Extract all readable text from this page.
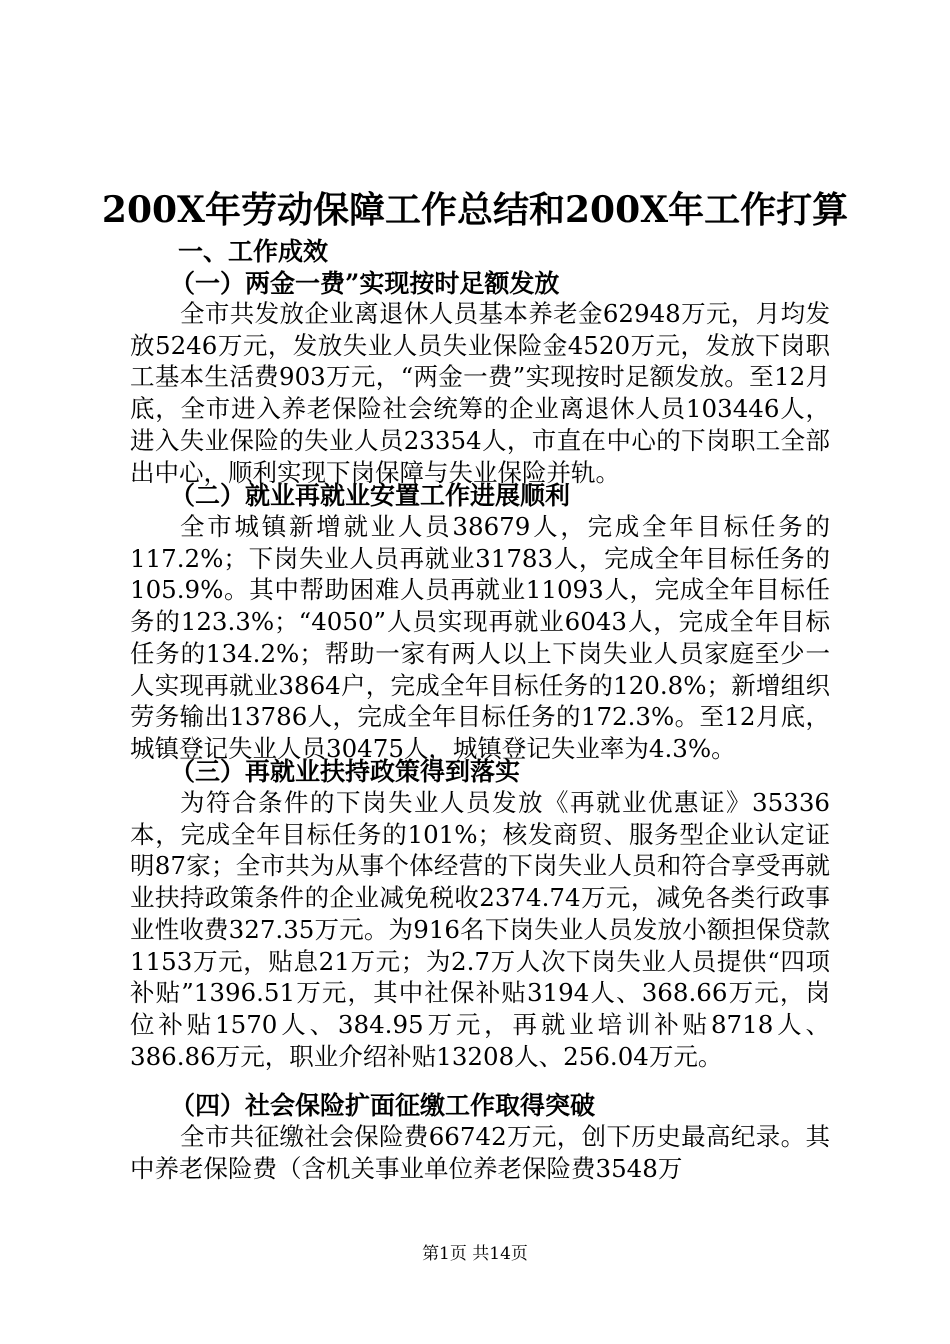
200X年劳动保障工作总结和200X年工作打算
一、工作成效
（一）两金一费”实现按时足额发放
全市共发放企业离退休人员基本养老金62948万元，月均发放5246万元，发放失业人员失业保险金4520万元，发放下岗职工基本生活费903万元，“两金一费”实现按时足额发放。至12月底，全市进入养老保险社会统筹的企业离退休人员103446人，进入失业保险的失业人员23354人，市直在中心的下岗职工全部出中心，顺利实现下岗保障与失业保险并轨。
（二）就业再就业安置工作进展顺利
全市城镇新增就业人员38679人，完成全年目标任务的117.2%；下岗失业人员再就业31783人，完成全年目标任务的105.9%。其中帮助困难人员再就业11093人，完成全年目标任务的123.3%；“4050”人员实现再就业6043人，完成全年目标任务的134.2%；帮助一家有两人以上下岗失业人员家庭至少一人实现再就业3864户，完成全年目标任务的120.8%；新增组织劳务输出13786人，完成全年目标任务的172.3%。至12月底，城镇登记失业人员30475人，城镇登记失业率为4.3%。
（三）再就业扶持政策得到落实
为符合条件的下岗失业人员发放《再就业优惠证》35336本，完成全年目标任务的101%；核发商贸、服务型企业认定证明87家；全市共为从事个体经营的下岗失业人员和符合享受再就业扶持政策条件的企业减免税收2374.74万元，减免各类行政事业性收费327.35万元。为916名下岗失业人员发放小额担保贷款1153万元，贴息21万元；为2.7万人次下岗失业人员提供“四项补贴”1396.51万元，其中社保补贴3194人、368.66万元，岗位补贴1570人、384.95万元，再就业培训补贴8718人、386.86万元，职业介绍补贴13208人、256.04万元。
（四）社会保险扩面征缴工作取得突破
全市共征缴社会保险费66742万元，创下历史最高纪录。其中养老保险费（含机关事业单位养老保险费3548万
第1页 共14页
